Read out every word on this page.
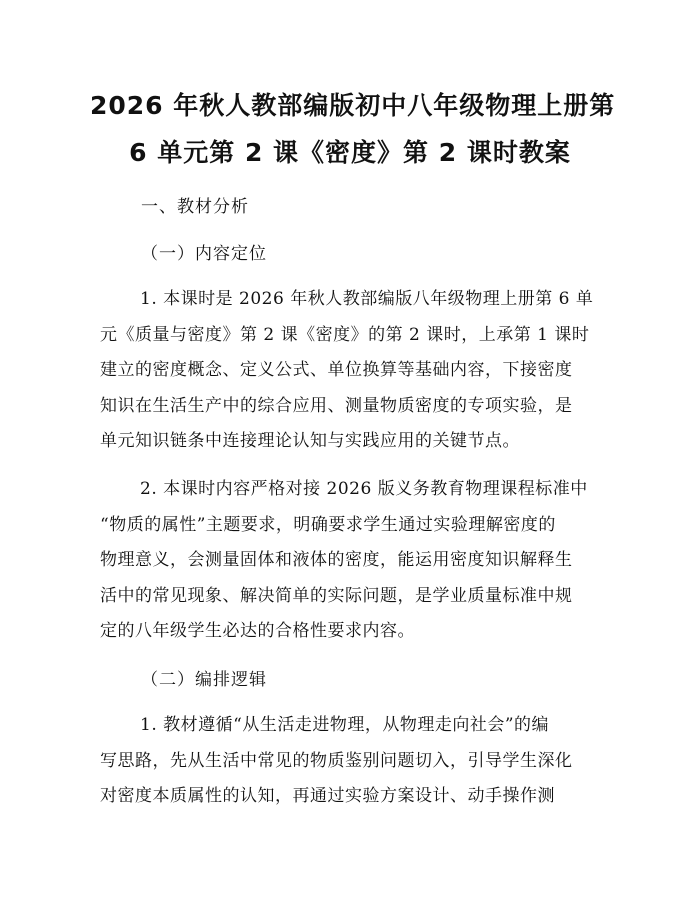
2026 年秋人教部编版初中八年级物理上册第
6 单元第 2 课《密度》第 2 课时教案
一、教材分析
（一）内容定位
1. 本课时是 2026 年秋人教部编版八年级物理上册第 6 单
元《质量与密度》第 2 课《密度》的第 2 课时，上承第 1 课时
建立的密度概念、定义公式、单位换算等基础内容，下接密度
知识在生活生产中的综合应用、测量物质密度的专项实验，是
单元知识链条中连接理论认知与实践应用的关键节点。
2. 本课时内容严格对接 2026 版义务教育物理课程标准中
“物质的属性”主题要求，明确要求学生通过实验理解密度的
物理意义，会测量固体和液体的密度，能运用密度知识解释生
活中的常见现象、解决简单的实际问题，是学业质量标准中规
定的八年级学生必达的合格性要求内容。
（二）编排逻辑
1. 教材遵循“从生活走进物理，从物理走向社会”的编
写思路，先从生活中常见的物质鉴别问题切入，引导学生深化
对密度本质属性的认知，再通过实验方案设计、动手操作测
